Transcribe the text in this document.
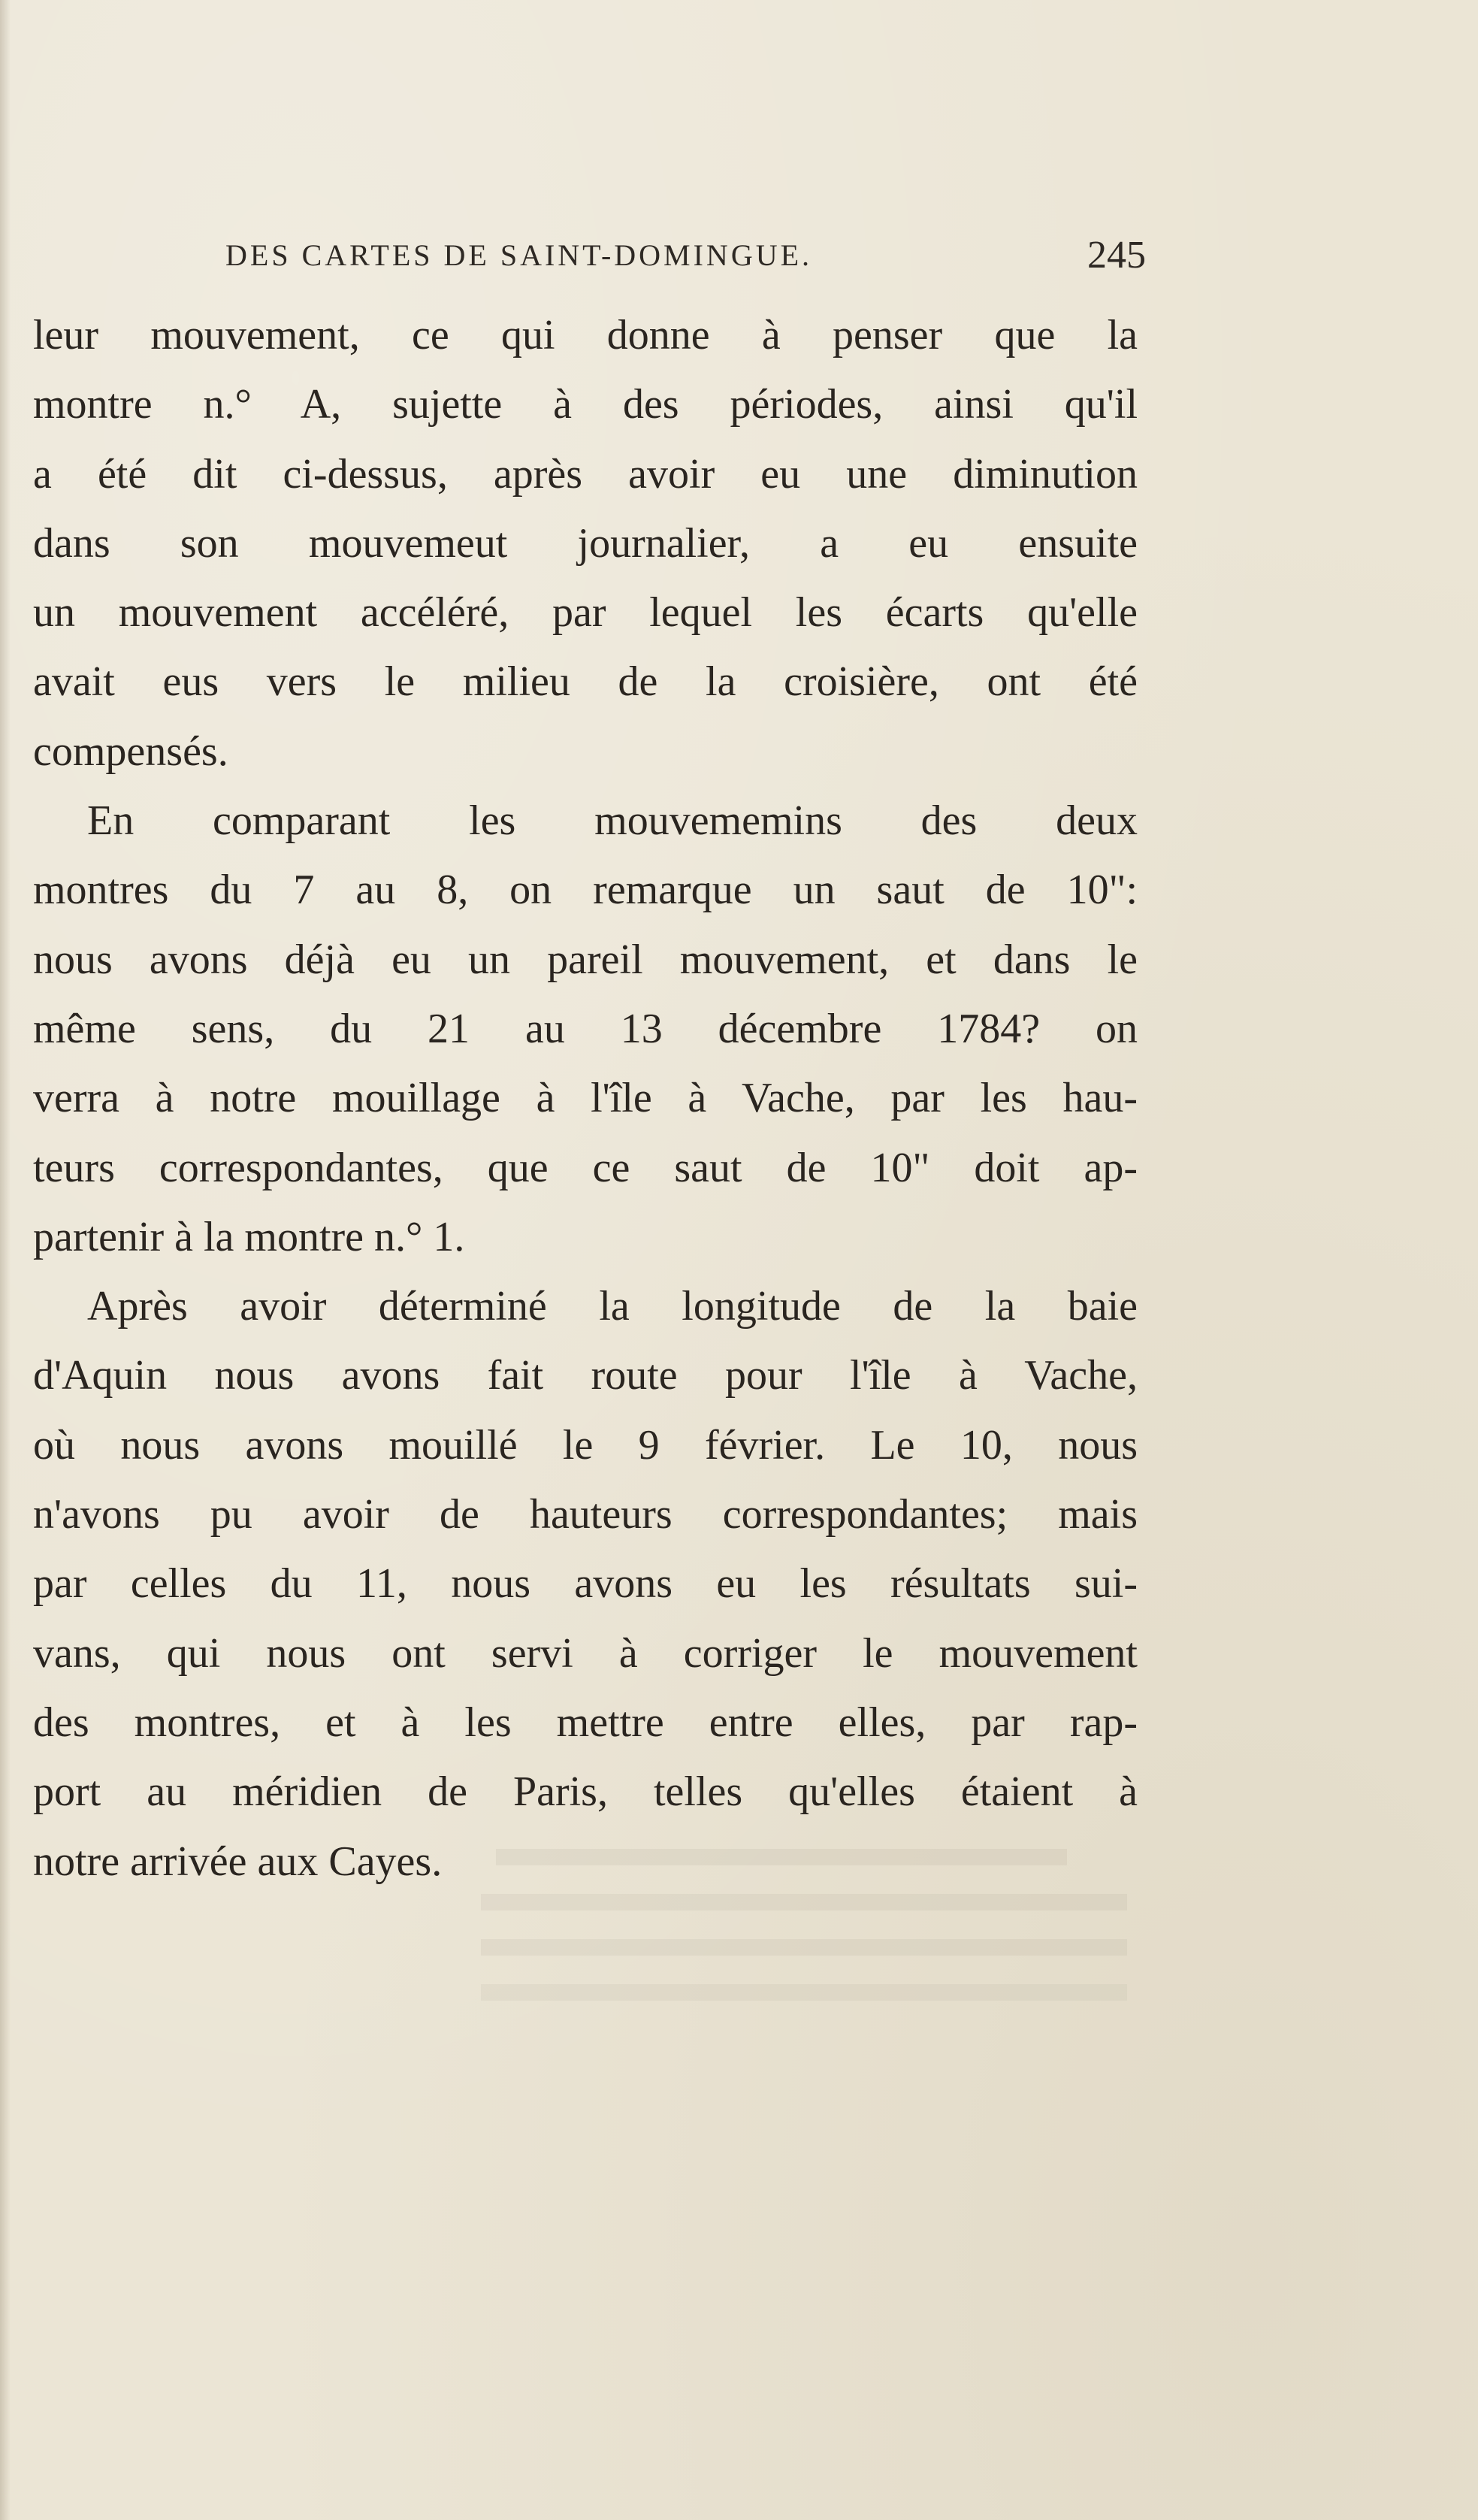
DES CARTES DE SAINT-DOMINGUE.	245
leur mouvement, ce qui donne à penser que la
montre n.° A, sujette à des périodes, ainsi qu'il
a été dit ci-dessus, après avoir eu une diminution
dans son mouvemeut journalier, a eu ensuite
un mouvement accéléré, par lequel les écarts qu'elle
avait eus vers le milieu de la croisière, ont été
compensés.
En comparant les mouvememins des deux
montres du 7 au 8, on remarque un saut de 10":
nous avons déjà eu un pareil mouvement, et dans le
même sens, du 21 au 13 décembre 1784? on
verra à notre mouillage à l'île à Vache, par les hau-
teurs correspondantes, que ce saut de 10" doit ap-
partenir à la montre n.° 1.
Après avoir déterminé la longitude de la baie
d'Aquin nous avons fait route pour l'île à Vache,
où nous avons mouillé le 9 février. Le 10, nous
n'avons pu avoir de hauteurs correspondantes; mais
par celles du 11, nous avons eu les résultats sui-
vans, qui nous ont servi à corriger le mouvement
des montres, et à les mettre entre elles, par rap-
port au méridien de Paris, telles qu'elles étaient à
notre arrivée aux Cayes.
